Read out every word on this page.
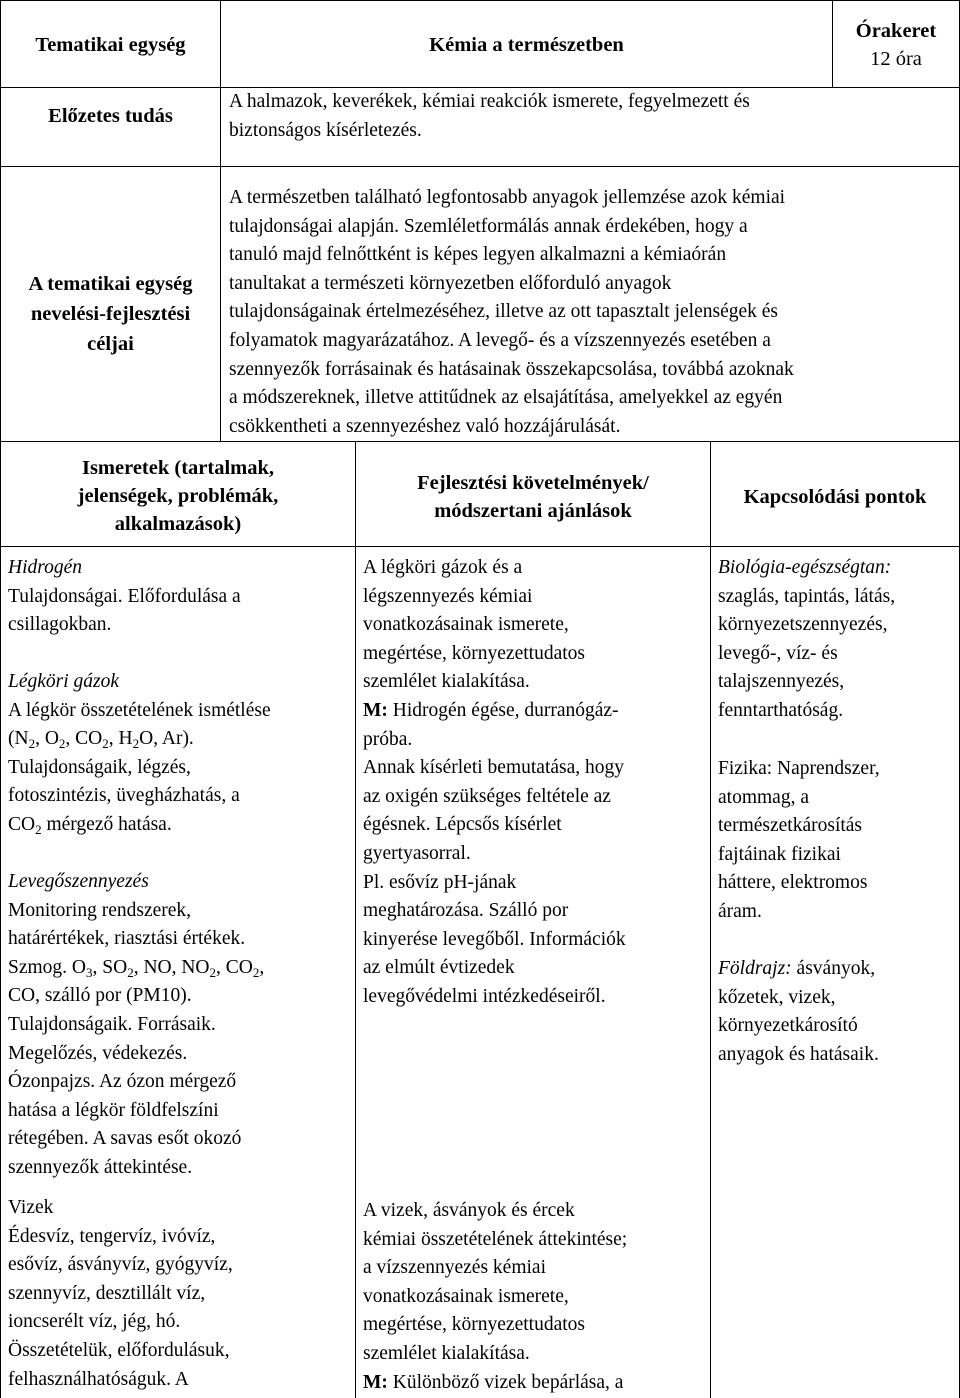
Tematikai egység	Kémia a természetben
Órakeret
12 óra
Előzetes tudás
A halmazok, keverékek, kémiai reakciók ismerete, fegyelmezett és
biztonságos kísérletezés.
A tematikai egység
nevelési-fejlesztési
céljai
A természetben található legfontosabb anyagok jellemzése azok kémiai
tulajdonságai alapján. Szemléletformálás annak érdekében, hogy a
tanuló majd felnőttként is képes legyen alkalmazni a kémiaórán
tanultakat a természeti környezetben előforduló anyagok
tulajdonságainak értelmezéséhez, illetve az ott tapasztalt jelenségek és
folyamatok magyarázatához. A levegő- és a vízszennyezés esetében a
szennyezők forrásainak és hatásainak összekapcsolása, továbbá azoknak
a módszereknek, illetve attitűdnek az elsajátítása, amelyekkel az egyén
csökkentheti a szennyezéshez való hozzájárulását.
Ismeretek (tartalmak,
jelenségek, problémák,
alkalmazások)
Fejlesztési követelmények/
módszertani ajánlások
Kapcsolódási pontok
Hidrogén
Tulajdonságai. Előfordulása a
csillagokban.
Légköri gázok
A légkör összetételének ismétlése
($N_2$, $O_2$, $CO_2$, $H_2O$, Ar).
Tulajdonságaik, légzés,
fotoszintézis, üvegházhatás, a
$CO_2$ mérgező hatása.
Levegőszennyezés
Monitoring rendszerek,
határértékek, riasztási értékek.
Szmog. $O_3$, $SO_2$, NO, $NO_2$, $CO_2$,
CO, szálló por (PM10).
Tulajdonságaik. Forrásaik.
Megelőzés, védekezés.
Ózonpajzs. Az ózon mérgező
hatása a légkör földfelszíni
rétegében. A savas esőt okozó
szennyezők áttekintése.
Vizek
Édesvíz, tengervíz, ivóvíz,
esővíz, ásványvíz, gyógyvíz,
szennyvíz, desztillált víz,
ioncserélt víz, jég, hó.
Összetételük, előfordulásuk,
felhasználhatóságuk. A
A légköri gázok és a
légszennyezés kémiai
vonatkozásainak ismerete,
megértése, környezettudatos
szemlélet kialakítása.
M: Hidrogén égése, durranógáz-
próba.
Annak kísérleti bemutatása, hogy
az oxigén szükséges feltétele az
égésnek. Lépcsős kísérlet
gyertyasorral.
Pl. esővíz pH-jának
meghatározása. Szálló por
kinyerése levegőből. Információk
az elmúlt évtizedek
levegővédelmi intézkedéseiről.
A vizek, ásványok és ércek
kémiai összetételének áttekintése;
a vízszennyezés kémiai
vonatkozásainak ismerete,
megértése, környezettudatos
szemlélet kialakítása.
M: Különböző vizek bepárlása, a
Biológia-egészségtan:
szaglás, tapintás, látás,
környezetszennyezés,
levegő-, víz- és
talajszennyezés,
fenntarthatóság.
Fizika: Naprendszer,
atommag, a
természetkárosítás
fajtáinak fizikai
háttere, elektromos
áram.
Földrajz: ásványok,
kőzetek, vizek,
környezetkárosító
anyagok és hatásaik.
